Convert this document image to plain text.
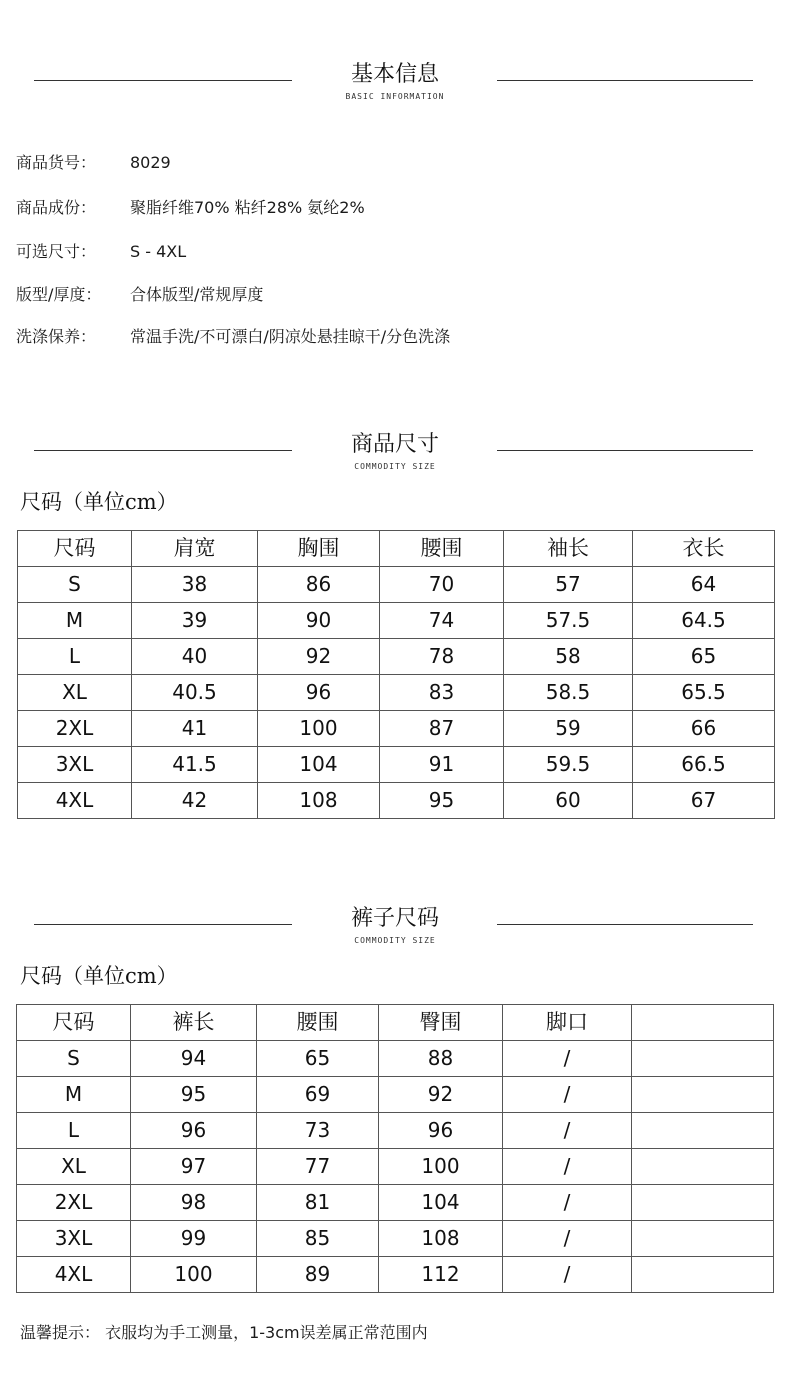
基本信息
BASIC INFORMATION
商品货号： 8029
商品成份： 聚脂纤维70% 粘纤28% 氨纶2%
可选尺寸： S - 4XL
版型/厚度： 合体版型/常规厚度
洗涤保养： 常温手洗/不可漂白/阴凉处悬挂晾干/分色洗涤
商品尺寸
COMMODITY SIZE
尺码（单位cm）
尺码	肩宽	胸围	腰围	袖长	衣长
S	38	86	70	57	64
M	39	90	74	57.5	64.5
L	40	92	78	58	65
XL	40.5	96	83	58.5	65.5
2XL	41	100	87	59	66
3XL	41.5	104	91	59.5	66.5
4XL	42	108	95	60	67
裤子尺码
COMMODITY SIZE
尺码（单位cm）
尺码	裤长	腰围	臀围	脚口	
S	94	65	88	/	
M	95	69	92	/	
L	96	73	96	/	
XL	97	77	100	/	
2XL	98	81	104	/	
3XL	99	85	108	/	
4XL	100	89	112	/	
温馨提示： 衣服均为手工测量，1-3cm误差属正常范围内
